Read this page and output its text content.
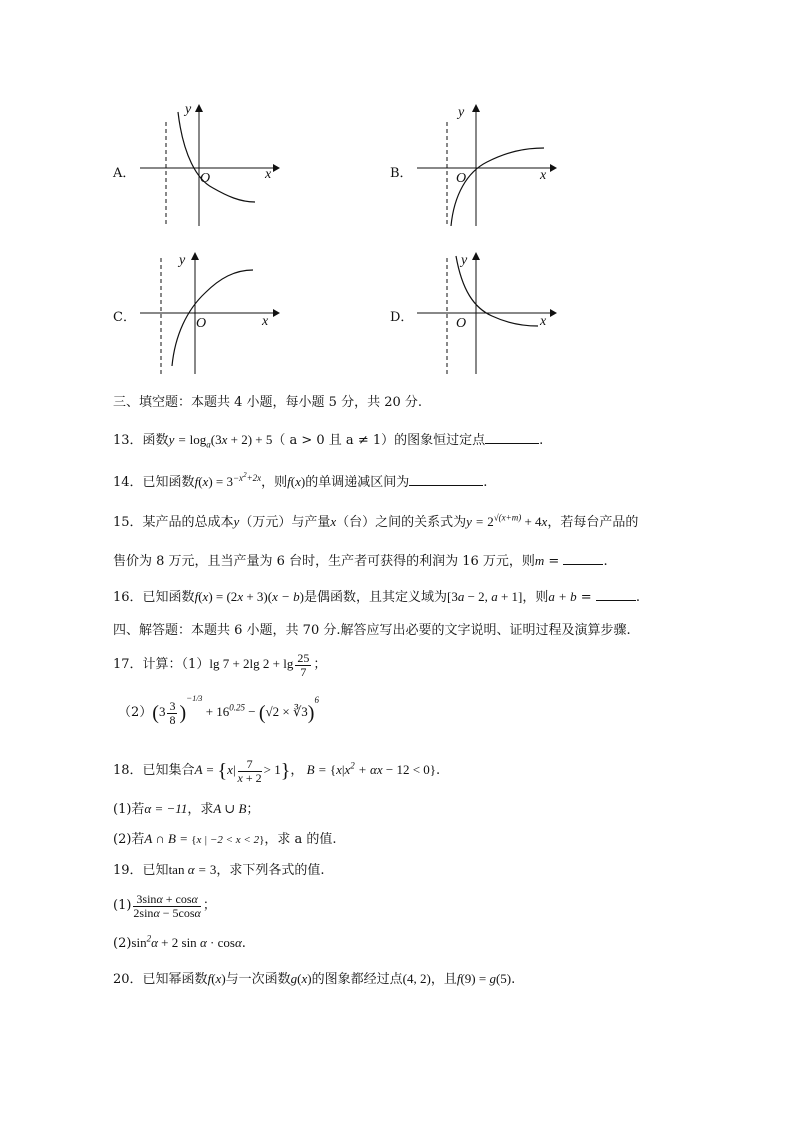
A．	B．
C．	D．
y
O	x
y
O	x
y
O	x
y
O	x
三、填空题：本题共 4 小题，每小题 5 分，共 20 分.
13．函数$y = \log_a(3x + 2) + 5$（ a > 0 且 a ≠ 1）的图象恒过定点	.
14．已知函数$f(x) = 3^{-x^2+2x}$，则f(x)的单调递减区间为	.
15．某产品的总成本y（万元）与产量x（台）之间的关系式为$y = 2^{√(x+m)} + 4x$，若每台产品的
售价为 8 万元，且当产量为 6 台时，生产者可获得的利润为 16 万元，则m =	.
16．已知函数f(x) = (2x + 3)(x − b)是偶函数，且其定义域为[3a − 2, a + 1]，则a + b =	.
四、解答题：本题共 6 小题，共 70 分.解答应写出必要的文字说明、证明过程及演算步骤.
17．计算：（1）lg 7 + 2lg $2 + \lg \frac{25}{7}$ ；
$(2)(3 \frac{3}{8} )^{-1/3} + 16^{0.25} - (√2$ × ∛3)$^6$
18．已知集合$A = \{x| \frac{7}{x + 2} > 1\}$， $B = \{x|x^2 + \alpha x - 12 < 0\}$.
(1)若α = −11，求A ∪ B；
(2)若A ∩ B = {x | −2 < x < 2}，求 a 的值.
19．已知tan α = 3，求下列各式的值.
$(1) \frac{3\sin\alpha + \cos\alpha}{2\sin\alpha - 5\cos\alpha}$ ；
$(2)\sin^2\alpha + 2$ sin α · cosα.
20．已知幂函数f(x)与一次函数g(x)的图象都经过点(4, 2)，且f(9) = g(5).
